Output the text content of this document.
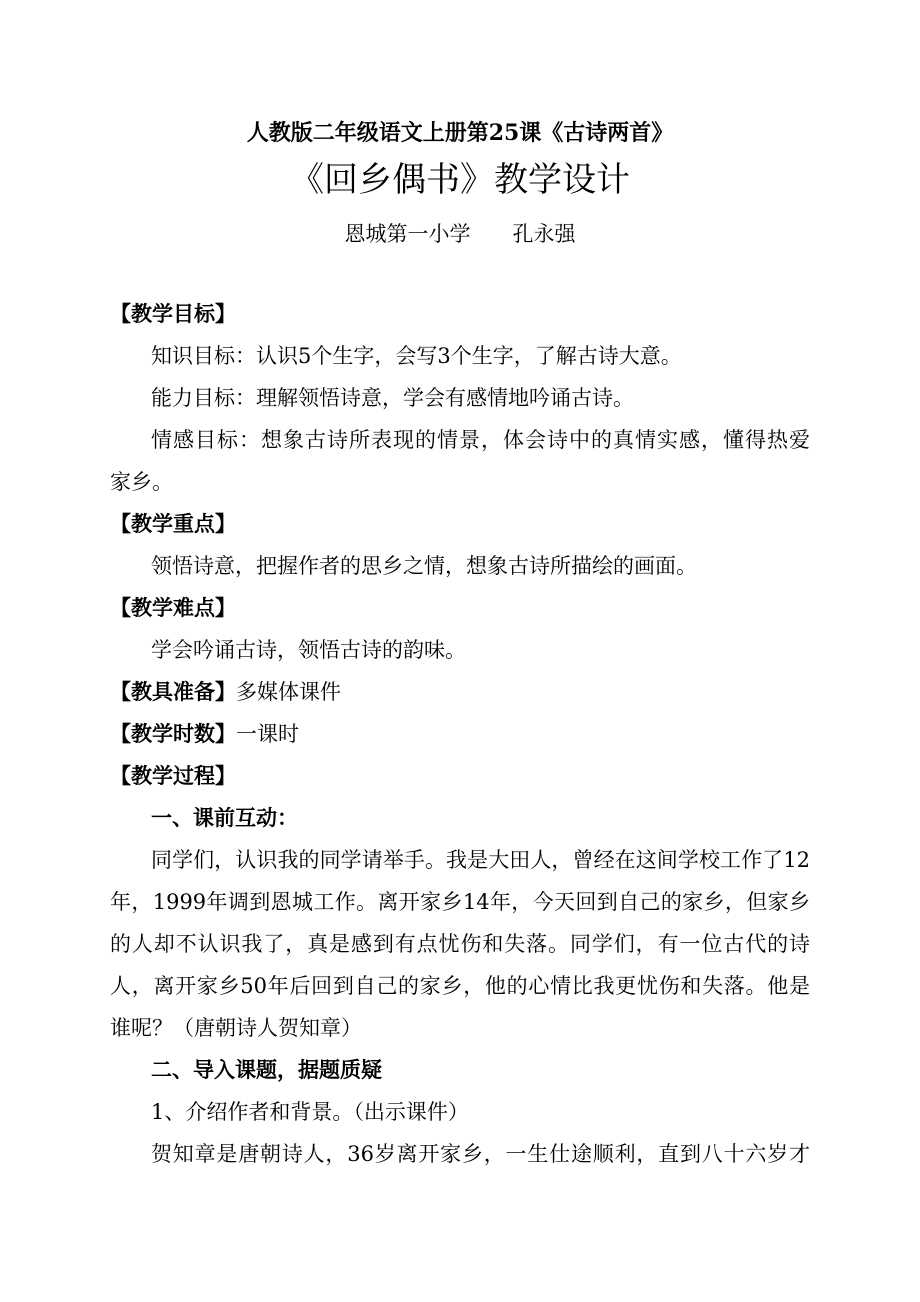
人教版二年级语文上册第25课《古诗两首》
《回乡偶书》教学设计
恩城第一小学 孔永强
【教学目标】
知识目标：认识5个生字，会写3个生字，了解古诗大意。
能力目标：理解领悟诗意，学会有感情地吟诵古诗。
情感目标：想象古诗所表现的情景，体会诗中的真情实感，懂得热爱
家乡。
【教学重点】
领悟诗意，把握作者的思乡之情，想象古诗所描绘的画面。
【教学难点】
学会吟诵古诗，领悟古诗的韵味。
【教具准备】多媒体课件
【教学时数】一课时
【教学过程】
一、课前互动：
同学们，认识我的同学请举手。我是大田人，曾经在这间学校工作了12
年，1999年调到恩城工作。离开家乡14年，今天回到自己的家乡，但家乡
的人却不认识我了，真是感到有点忧伤和失落。同学们，有一位古代的诗
人，离开家乡50年后回到自己的家乡，他的心情比我更忧伤和失落。他是
谁呢？（唐朝诗人贺知章）
二、导入课题，据题质疑
1、介绍作者和背景。（出示课件）
贺知章是唐朝诗人，36岁离开家乡，一生仕途顺利，直到八十六岁才
